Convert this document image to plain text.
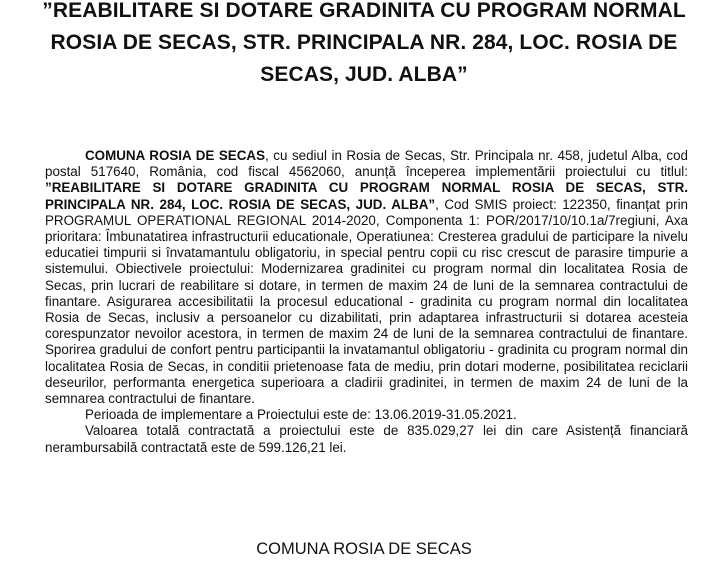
”REABILITARE SI DOTARE GRADINITA CU PROGRAM NORMAL ROSIA DE SECAS, STR. PRINCIPALA NR. 284, LOC. ROSIA DE SECAS, JUD. ALBA”

COMUNA ROSIA DE SECAS, cu sediul in Rosia de Secas, Str. Principala nr. 458, judetul Alba, cod postal 517640, România, cod fiscal 4562060, anunță începerea implementării proiectului cu titlul: ”REABILITARE SI DOTARE GRADINITA CU PROGRAM NORMAL ROSIA DE SECAS, STR. PRINCIPALA NR. 284, LOC. ROSIA DE SECAS, JUD. ALBA”, Cod SMIS proiect: 122350, finanțat prin PROGRAMUL OPERATIONAL REGIONAL 2014-2020, Componenta 1: POR/2017/10/10.1a/7regiuni, Axa prioritara: Îmbunatatirea infrastructurii educationale, Operatiunea: Cresterea gradului de participare la nivelu educatiei timpurii si învatamantulu obligatoriu, in special pentru copii cu risc crescut de parasire timpurie a sistemului. Obiectivele proiectului: Modernizarea gradinitei cu program normal din localitatea Rosia de Secas, prin lucrari de reabilitare si dotare, in termen de maxim 24 de luni de la semnarea contractului de finantare. Asigurarea accesibilitatii la procesul educational - gradinita cu program normal din localitatea Rosia de Secas, inclusiv a persoanelor cu dizabilitati, prin adaptarea infrastructurii si dotarea acesteia corespunzator nevoilor acestora, in termen de maxim 24 de luni de la semnarea contractului de finantare. Sporirea gradului de confort pentru participantii la invatamantul obligatoriu - gradinita cu program normal din localitatea Rosia de Secas, in conditii prietenoase fata de mediu, prin dotari moderne, posibilitatea reciclarii deseurilor, performanta energetica superioara a cladirii gradinitei, in termen de maxim 24 de luni de la semnarea contractului de finantare.

Perioada de implementare a Proiectului este de: 13.06.2019-31.05.2021.

Valoarea totală contractată a proiectului este de 835.029,27 lei din care Asistență financiară nerambursabilă contractată este de 599.126,21 lei.

COMUNA ROSIA DE SECAS
